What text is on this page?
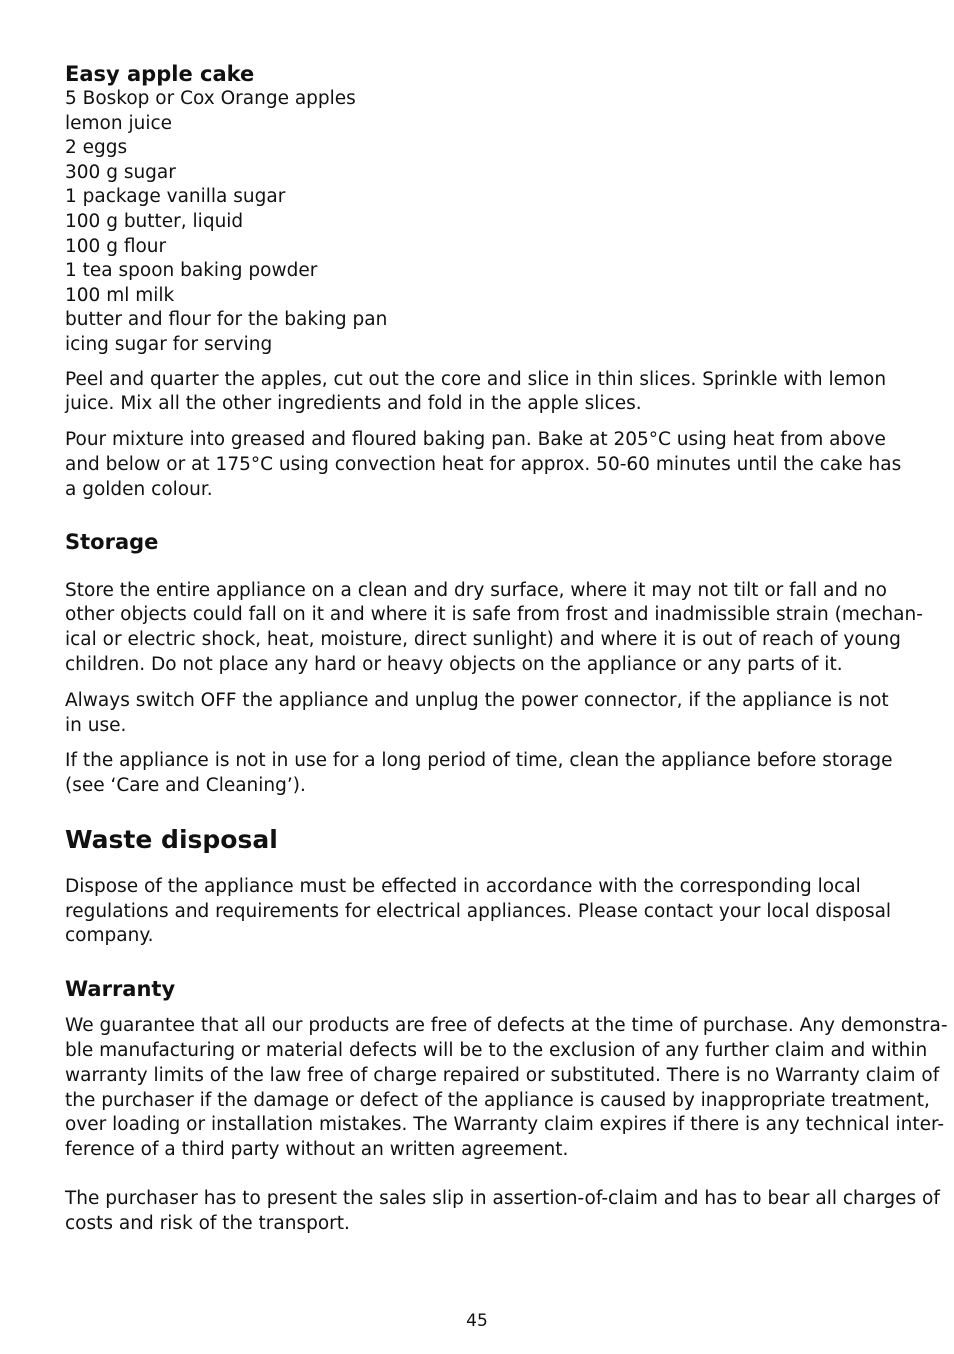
Easy apple cake

5 Boskop or Cox Orange apples

lemon juice

2 eggs

300 g sugar

1 package vanilla sugar

100 g butter, liquid

100 g flour

1 tea spoon baking powder

100 ml milk

butter and flour for the baking pan

icing sugar for serving

Peel and quarter the apples, cut out the core and slice in thin slices. Sprinkle with lemon

juice. Mix all the other ingredients and fold in the apple slices.

Pour mixture into greased and floured baking pan. Bake at 205°C using heat from above

and below or at 175°C using convection heat for approx. 50-60 minutes until the cake has

a golden colour.

Storage

Store the entire appliance on a clean and dry surface, where it may not tilt or fall and no

other objects could fall on it and where it is safe from frost and inadmissible strain (mechan-

ical or electric shock, heat, moisture, direct sunlight) and where it is out of reach of young

children. Do not place any hard or heavy objects on the appliance or any parts of it.

Always switch OFF the appliance and unplug the power connector, if the appliance is not

in use.

If the appliance is not in use for a long period of time, clean the appliance before storage

(see ‘Care and Cleaning’).

Waste disposal

Dispose of the appliance must be effected in accordance with the corresponding local

regulations and requirements for electrical appliances. Please contact your local disposal

company.

Warranty

We guarantee that all our products are free of defects at the time of purchase. Any demonstra-

ble manufacturing or material defects will be to the exclusion of any further claim and within

warranty limits of the law free of charge repaired or substituted. There is no Warranty claim of

the purchaser if the damage or defect of the appliance is caused by inappropriate treatment,

over loading or installation mistakes. The Warranty claim expires if there is any technical inter-

ference of a third party without an written agreement.

The purchaser has to present the sales slip in assertion-of-claim and has to bear all charges of

costs and risk of the transport.

45
